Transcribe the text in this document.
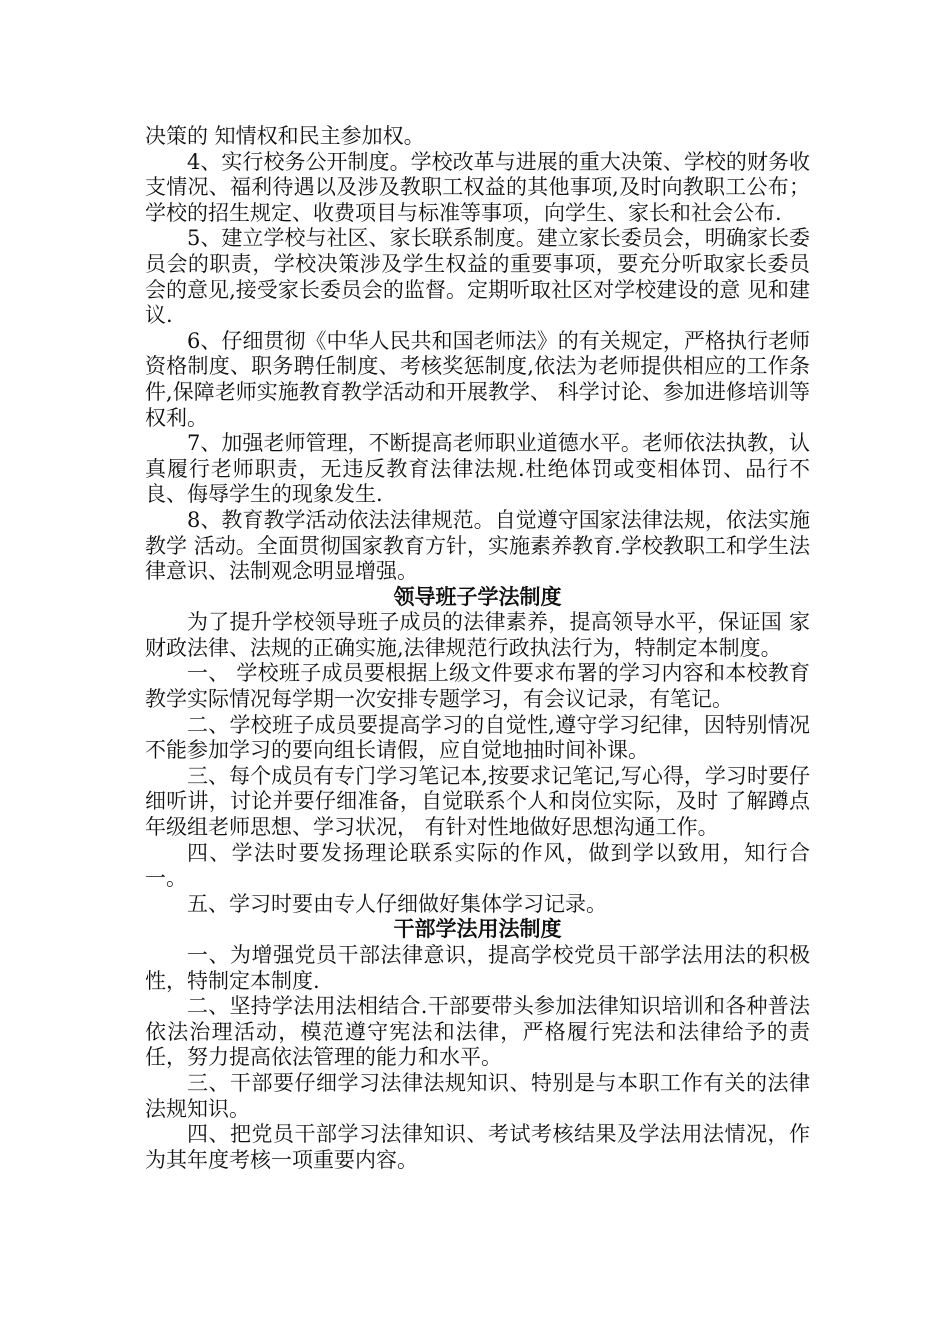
决策的 知情权和民主参加权。

4、实行校务公开制度。学校改革与进展的重大决策、学校的财务收 支情况、福利待遇以及涉及教职工权益的其他事项,及时向教职工公布；学校的招生规定、收费项目与标准等事项，向学生、家长和社会公布.

5、建立学校与社区、家长联系制度。建立家长委员会，明确家长委 员会的职责，学校决策涉及学生权益的重要事项，要充分听取家长委员会的意见,接受家长委员会的监督。定期听取社区对学校建设的意 见和建议.

6、仔细贯彻《中华人民共和国老师法》的有关规定，严格执行老师资格制度、职务聘任制度、考核奖惩制度,依法为老师提供相应的工作条件,保障老师实施教育教学活动和开展教学、 科学讨论、参加进修培训等权利。

7、加强老师管理，不断提高老师职业道德水平。老师依法执教，认 真履行老师职责，无违反教育法律法规.杜绝体罚或变相体罚、品行不良、侮辱学生的现象发生.

8、教育教学活动依法法律规范。自觉遵守国家法律法规，依法实施教学 活动。全面贯彻国家教育方针，实施素养教育.学校教职工和学生法律意识、法制观念明显增强。

领导班子学法制度

为了提升学校领导班子成员的法律素养，提高领导水平，保证国 家财政法律、法规的正确实施,法律规范行政执法行为，特制定本制度。

一、 学校班子成员要根据上级文件要求布署的学习内容和本校教育教学实际情况每学期一次安排专题学习，有会议记录，有笔记。

二、学校班子成员要提高学习的自觉性,遵守学习纪律，因特别情况不能参加学习的要向组长请假，应自觉地抽时间补课。

三、每个成员有专门学习笔记本,按要求记笔记,写心得，学习时要仔细听讲，讨论并要仔细准备，自觉联系个人和岗位实际，及时 了解蹲点年级组老师思想、学习状况， 有针对性地做好思想沟通工作。

四、学法时要发扬理论联系实际的作风，做到学以致用，知行合 一。

五、学习时要由专人仔细做好集体学习记录。

干部学法用法制度

一、为增强党员干部法律意识，提高学校党员干部学法用法的积极性，特制定本制度.

二、坚持学法用法相结合.干部要带头参加法律知识培训和各种普法依法治理活动，模范遵守宪法和法律，严格履行宪法和法律给予的责任，努力提高依法管理的能力和水平。

三、干部要仔细学习法律法规知识、特别是与本职工作有关的法律法规知识。

四、把党员干部学习法律知识、考试考核结果及学法用法情况，作为其年度考核一项重要内容。
